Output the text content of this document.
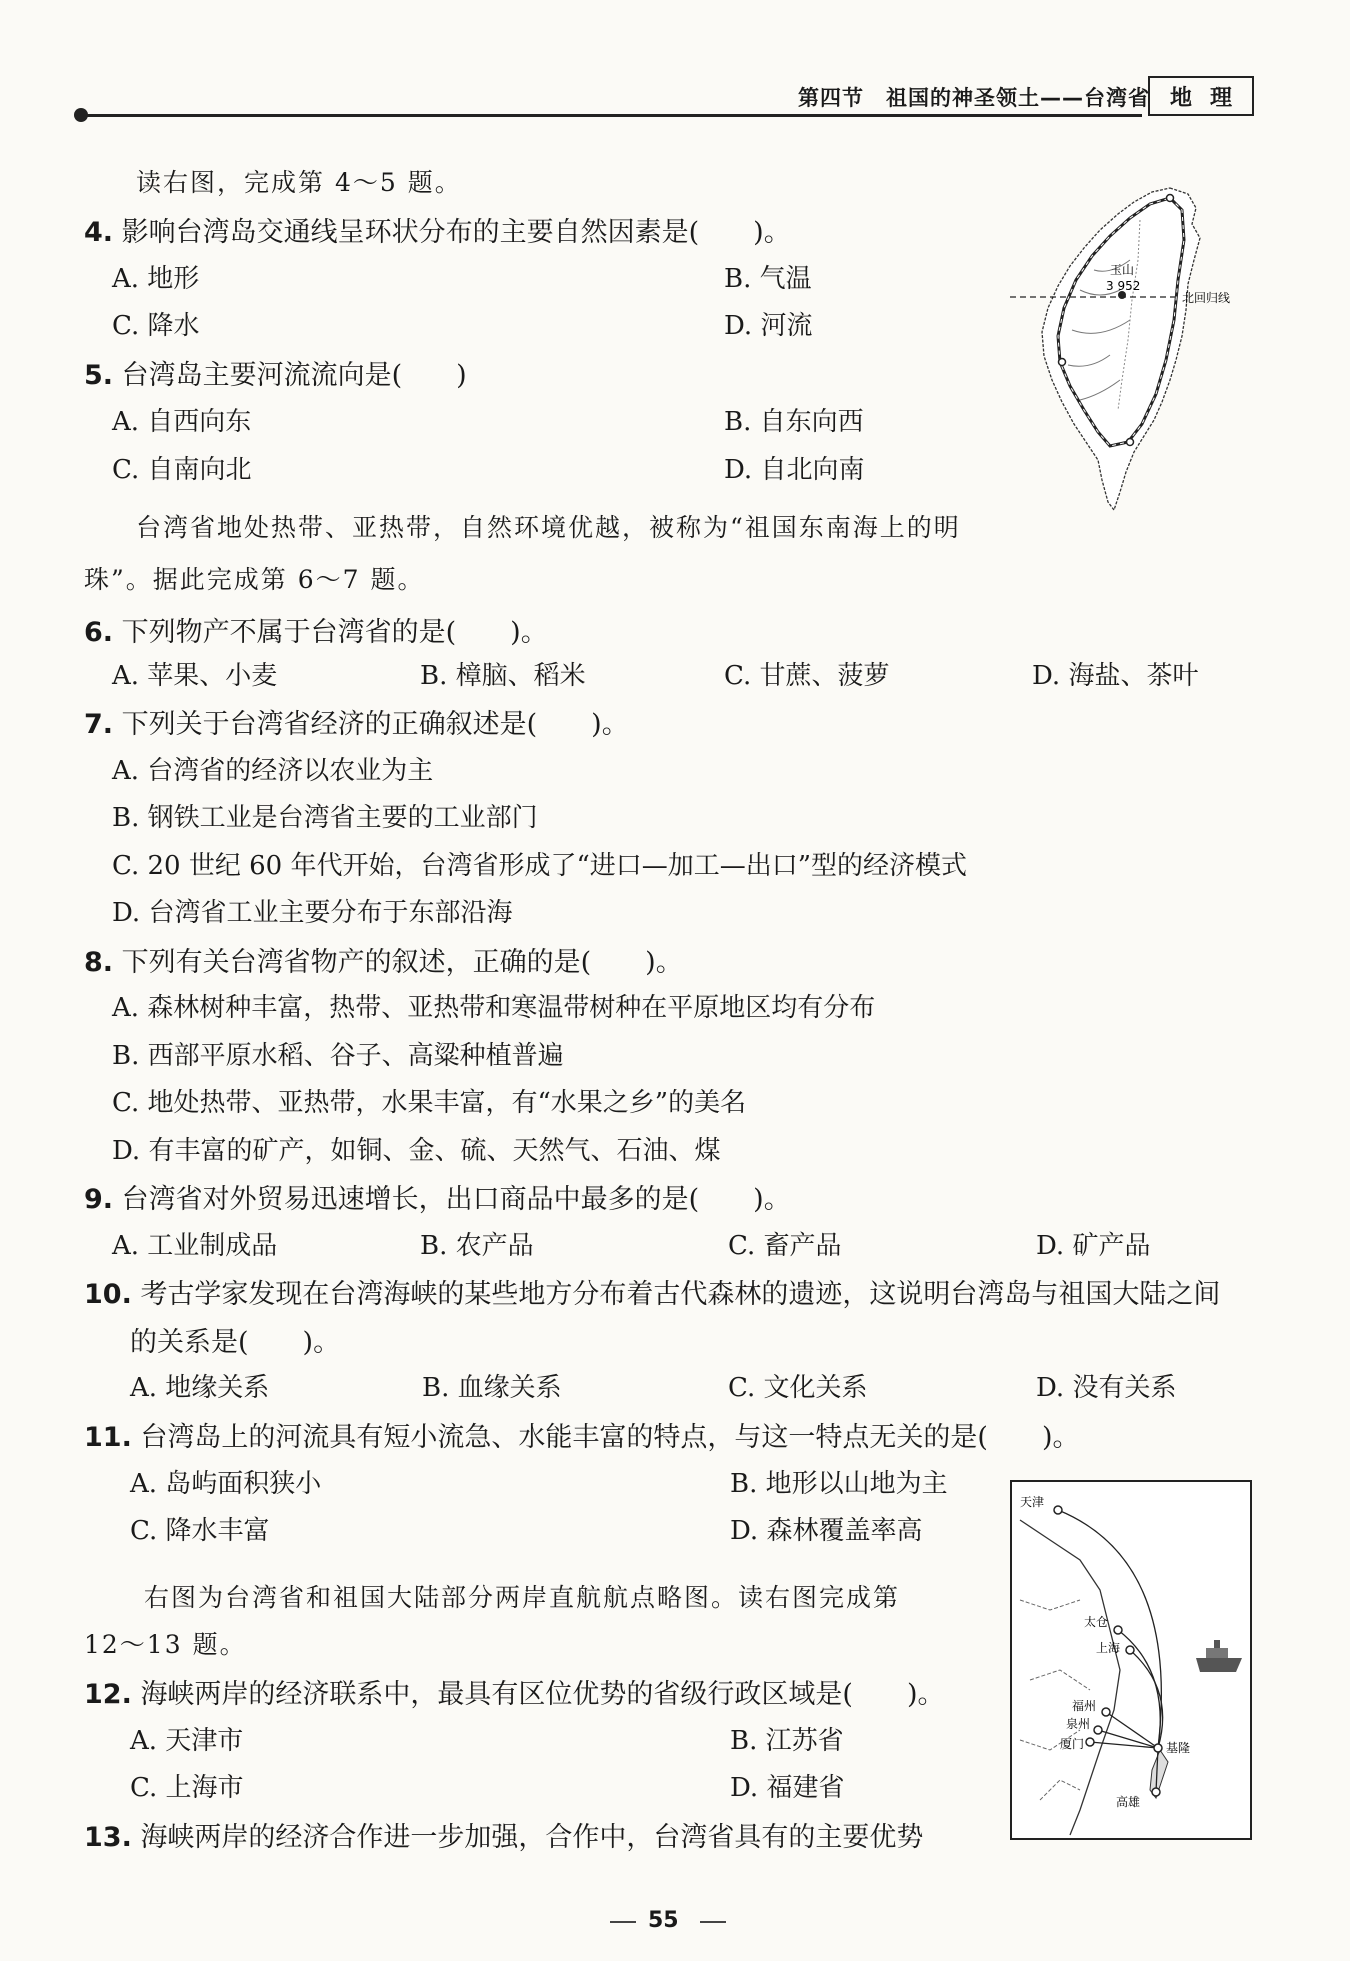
第四节　祖国的神圣领土——台湾省 地 理
读右图，完成第 4～5 题。
4. 影响台湾岛交通线呈环状分布的主要自然因素是(　　)。
A. 地形	B. 气温
C. 降水	D. 河流
5. 台湾岛主要河流流向是(　　)
A. 自西向东	B. 自东向西
C. 自南向北	D. 自北向南
玉山
3 952
北回归线
台湾省地处热带、亚热带，自然环境优越，被称为“祖国东南海上的明
珠”。据此完成第 6～7 题。
6. 下列物产不属于台湾省的是(　　)。
A. 苹果、小麦	B. 樟脑、稻米	C. 甘蔗、菠萝	D. 海盐、茶叶
7. 下列关于台湾省经济的正确叙述是(　　)。
A. 台湾省的经济以农业为主
B. 钢铁工业是台湾省主要的工业部门
C. 20 世纪 60 年代开始，台湾省形成了“进口—加工—出口”型的经济模式
D. 台湾省工业主要分布于东部沿海
8. 下列有关台湾省物产的叙述，正确的是(　　)。
A. 森林树种丰富，热带、亚热带和寒温带树种在平原地区均有分布
B. 西部平原水稻、谷子、高粱种植普遍
C. 地处热带、亚热带，水果丰富，有“水果之乡”的美名
D. 有丰富的矿产，如铜、金、硫、天然气、石油、煤
9. 台湾省对外贸易迅速增长，出口商品中最多的是(　　)。
A. 工业制成品	B. 农产品	C. 畜产品	D. 矿产品
10. 考古学家发现在台湾海峡的某些地方分布着古代森林的遗迹，这说明台湾岛与祖国大陆之间
的关系是(　　)。
A. 地缘关系	B. 血缘关系	C. 文化关系	D. 没有关系
11. 台湾岛上的河流具有短小流急、水能丰富的特点，与这一特点无关的是(　　)。
A. 岛屿面积狭小	B. 地形以山地为主
C. 降水丰富	D. 森林覆盖率高
右图为台湾省和祖国大陆部分两岸直航航点略图。读右图完成第
12～13 题。
12. 海峡两岸的经济联系中，最具有区位优势的省级行政区域是(　　)。
A. 天津市	B. 江苏省
C. 上海市	D. 福建省
13. 海峡两岸的经济合作进一步加强，合作中，台湾省具有的主要优势
天津
太仓
上海
福州
泉州
厦门	基隆
高雄
55
